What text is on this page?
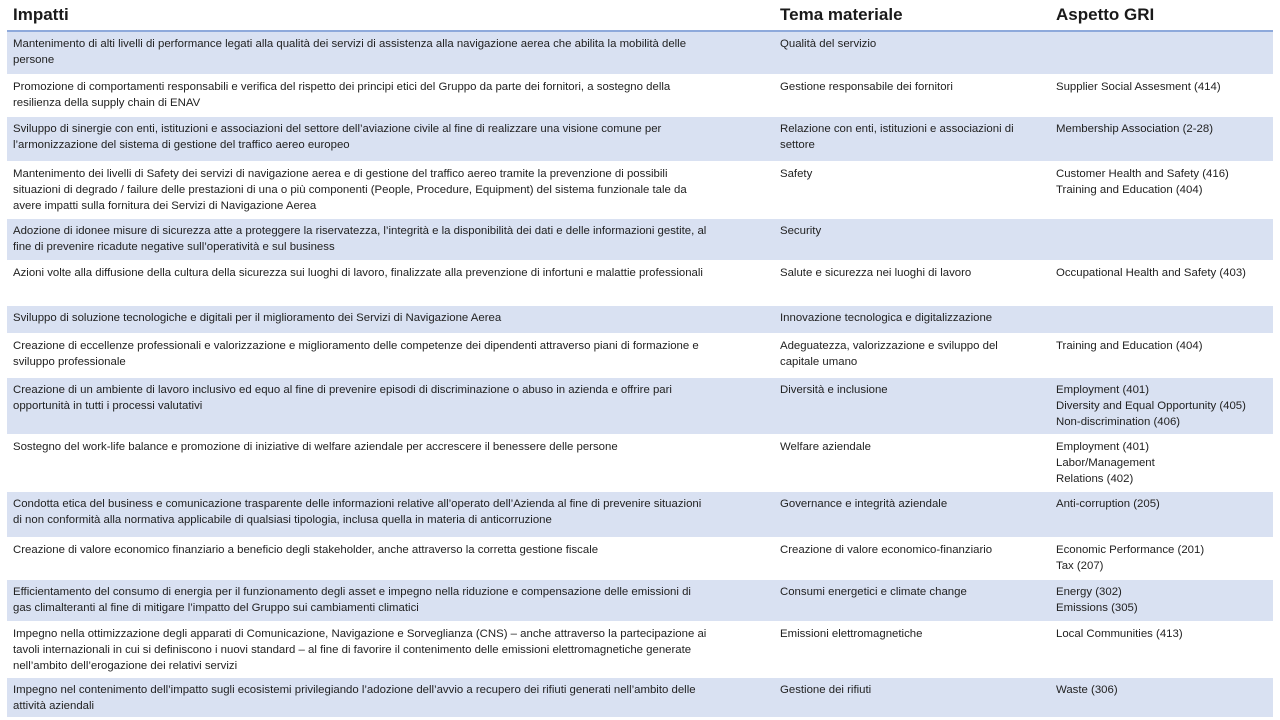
Impatti	Tema materiale	Aspetto GRI

Mantenimento di alti livelli di performance legati alla qualità dei servizi di assistenza alla navigazione aerea che abilita la mobilità delle
persone	Qualità del servizio	

Promozione di comportamenti responsabili e verifica del rispetto dei principi etici del Gruppo da parte dei fornitori, a sostegno della
resilienza della supply chain di ENAV	Gestione responsabile dei fornitori	Supplier Social Assesment (414)

Sviluppo di sinergie con enti, istituzioni e associazioni del settore dell’aviazione civile al fine di realizzare una visione comune per
l’armonizzazione del sistema di gestione del traffico aereo europeo	Relazione con enti, istituzioni e associazioni di
settore	Membership Association (2-28)

Mantenimento dei livelli di Safety dei servizi di navigazione aerea e di gestione del traffico aereo tramite la prevenzione di possibili
situazioni di degrado / failure delle prestazioni di una o più componenti (People, Procedure, Equipment) del sistema funzionale tale da
avere impatti sulla fornitura dei Servizi di Navigazione Aerea	Safety	Customer Health and Safety (416)
Training and Education (404)

Adozione di idonee misure di sicurezza atte a proteggere la riservatezza, l’integrità e la disponibilità dei dati e delle informazioni gestite, al
fine di prevenire ricadute negative sull’operatività e sul business	Security	

Azioni volte alla diffusione della cultura della sicurezza sui luoghi di lavoro, finalizzate alla prevenzione di infortuni e malattie professionali	Salute e sicurezza nei luoghi di lavoro	Occupational Health and Safety (403)

Sviluppo di soluzione tecnologiche e digitali per il miglioramento dei Servizi di Navigazione Aerea	Innovazione tecnologica e digitalizzazione	

Creazione di eccellenze professionali e valorizzazione e miglioramento delle competenze dei dipendenti attraverso piani di formazione e
sviluppo professionale	Adeguatezza, valorizzazione e sviluppo del
capitale umano	Training and Education (404)

Creazione di un ambiente di lavoro inclusivo ed equo al fine di prevenire episodi di discriminazione o abuso in azienda e offrire pari
opportunità in tutti i processi valutativi	Diversità e inclusione	Employment (401)
Diversity and Equal Opportunity (405)
Non-discrimination (406)

Sostegno del work-life balance e promozione di iniziative di welfare aziendale per accrescere il benessere delle persone	Welfare aziendale	Employment (401)
Labor/Management
Relations (402)

Condotta etica del business e comunicazione trasparente delle informazioni relative all’operato dell’Azienda al fine di prevenire situazioni
di non conformità alla normativa applicabile di qualsiasi tipologia, inclusa quella in materia di anticorruzione	Governance e integrità aziendale	Anti-corruption (205)

Creazione di valore economico finanziario a beneficio degli stakeholder, anche attraverso la corretta gestione fiscale	Creazione di valore economico-finanziario	Economic Performance (201)
Tax (207)

Efficientamento del consumo di energia per il funzionamento degli asset e impegno nella riduzione e compensazione delle emissioni di
gas climalteranti al fine di mitigare l’impatto del Gruppo sui cambiamenti climatici	Consumi energetici e climate change	Energy (302)
Emissions (305)

Impegno nella ottimizzazione degli apparati di Comunicazione, Navigazione e Sorveglianza (CNS) – anche attraverso la partecipazione ai
tavoli internazionali in cui si definiscono i nuovi standard – al fine di favorire il contenimento delle emissioni elettromagnetiche generate
nell’ambito dell’erogazione dei relativi servizi	Emissioni elettromagnetiche	Local Communities (413)

Impegno nel contenimento dell’impatto sugli ecosistemi privilegiando l’adozione dell’avvio a recupero dei rifiuti generati nell’ambito delle
attività aziendali	Gestione dei rifiuti	Waste (306)
